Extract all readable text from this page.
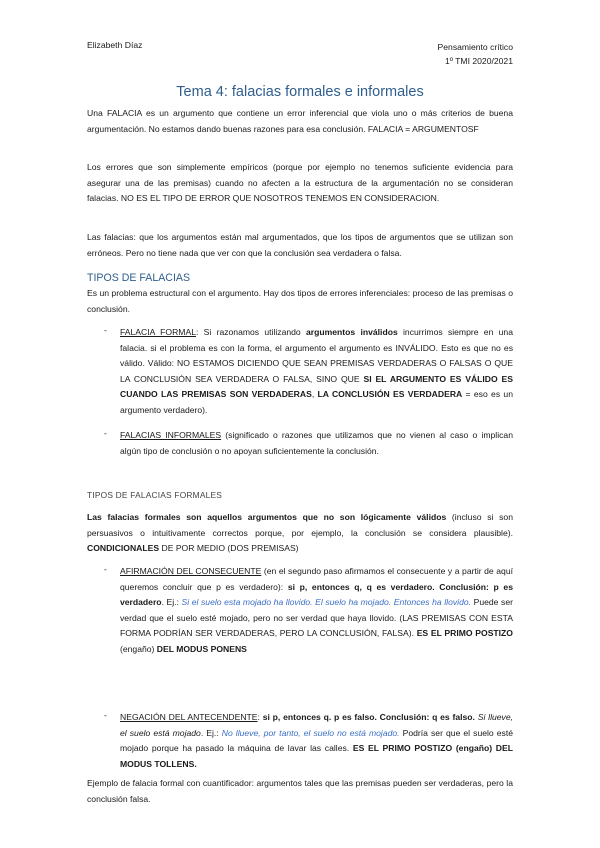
Elizabeth Díaz	Pensamiento crítico
1º TMI 2020/2021
Tema 4: falacias formales e informales

Una FALACIA es un argumento que contiene un error inferencial que viola uno o más criterios de buena argumentación. No estamos dando buenas razones para esa conclusión. FALACIA = ARGUMENTOSF

Los errores que son simplemente empíricos (porque por ejemplo no tenemos suficiente evidencia para asegurar una de las premisas) cuando no afecten a la estructura de la argumentación no se consideran falacias. NO ES EL TIPO DE ERROR QUE NOSOTROS TENEMOS EN CONSIDERACION.

Las falacias: que los argumentos están mal argumentados, que los tipos de argumentos que se utilizan son erróneos. Pero no tiene nada que ver con que la conclusión sea verdadera o falsa.

TIPOS DE FALACIAS

Es un problema estructural con el argumento. Hay dos tipos de errores inferenciales: proceso de las premisas o conclusión.

- FALACIA FORMAL: Si razonamos utilizando argumentos inválidos incurrimos siempre en una falacia. si el problema es con la forma, el argumento el argumento es INVÁLIDO. Esto es que no es válido. Válido: NO ESTAMOS DICIENDO QUE SEAN PREMISAS VERDADERAS O FALSAS O QUE LA CONCLUSIÓN SEA VERDADERA O FALSA, SINO QUE SI EL ARGUMENTO ES VÁLIDO ES CUANDO LAS PREMISAS SON VERDADERAS, LA CONCLUSIÓN ES VERDADERA = eso es un argumento verdadero).

- FALACIAS INFORMALES (significado o razones que utilizamos que no vienen al caso o implican algún tipo de conclusión o no apoyan suficientemente la conclusión.

TIPOS DE FALACIAS FORMALES

Las falacias formales son aquellos argumentos que no son lógicamente válidos (incluso si son persuasivos o intuitivamente correctos porque, por ejemplo, la conclusión se considera plausible). CONDICIONALES DE POR MEDIO (DOS PREMISAS)

- AFIRMACIÓN DEL CONSECUENTE (en el segundo paso afirmamos el consecuente y a partir de aquí queremos concluir que p es verdadero): si p, entonces q, q es verdadero. Conclusión: p es verdadero. Ej.: Si el suelo esta mojado ha llovido. El suelo ha mojado. Entonces ha llovido. Puede ser verdad que el suelo esté mojado, pero no ser verdad que haya llovido. (LAS PREMISAS CON ESTA FORMA PODRÍAN SER VERDADERAS, PERO LA CONCLUSIÓN, FALSA). ES EL PRIMO POSTIZO (engaño) DEL MODUS PONENS

- NEGACIÓN DEL ANTECENDENTE: si p, entonces q. p es falso. Conclusión: q es falso. Si llueve, el suelo está mojado. Ej.: No llueve, por tanto, el suelo no está mojado. Podría ser que el suelo esté mojado porque ha pasado la máquina de lavar las calles. ES EL PRIMO POSTIZO (engaño) DEL MODUS TOLLENS.

Ejemplo de falacia formal con cuantificador: argumentos tales que las premisas pueden ser verdaderas, pero la conclusión falsa.
